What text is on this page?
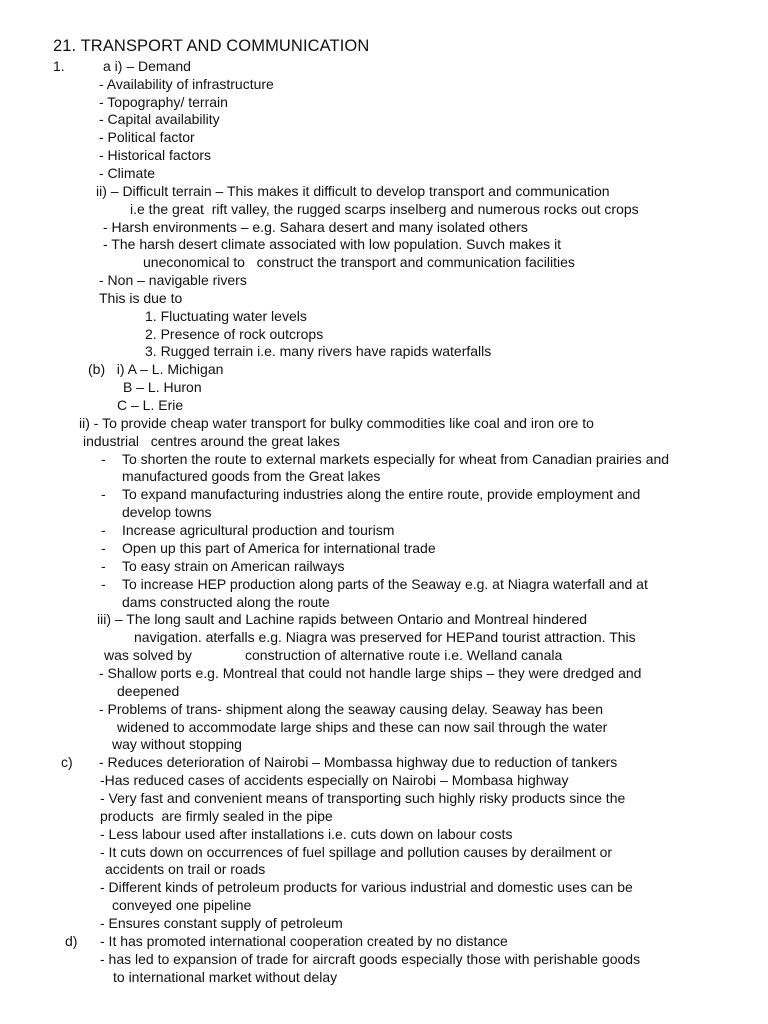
21. TRANSPORT AND COMMUNICATION
1.	a i) – Demand
- Availability of infrastructure
- Topography/ terrain
- Capital availability
- Political factor
- Historical factors
- Climate
ii) – Difficult terrain – This makes it difficult to develop transport and communication
i.e the great  rift valley, the rugged scarps inselberg and numerous rocks out crops
- Harsh environments – e.g. Sahara desert and many isolated others
- The harsh desert climate associated with low population. Suvch makes it
uneconomical to   construct the transport and communication facilities
- Non – navigable rivers
This is due to
1. Fluctuating water levels
2. Presence of rock outcrops
3. Rugged terrain i.e. many rivers have rapids waterfalls
(b)   i) A – L. Michigan
B – L. Huron
C – L. Erie
ii) - To provide cheap water transport for bulky commodities like coal and iron ore to
industrial   centres around the great lakes
- To shorten the route to external markets especially for wheat from Canadian prairies and
manufactured goods from the Great lakes
- To expand manufacturing industries along the entire route, provide employment and
develop towns
- Increase agricultural production and tourism
- Open up this part of America for international trade
- To easy strain on American railways
- To increase HEP production along parts of the Seaway e.g. at Niagra waterfall and at
dams constructed along the route
iii) – The long sault and Lachine rapids between Ontario and Montreal hindered
navigation. aterfalls e.g. Niagra was preserved for HEPand tourist attraction. This
was solved by	construction of alternative route i.e. Welland canala
- Shallow ports e.g. Montreal that could not handle large ships – they were dredged and
deepened
- Problems of trans- shipment along the seaway causing delay. Seaway has been
widened to accommodate large ships and these can now sail through the water
way without stopping
c) - Reduces deterioration of Nairobi – Mombassa highway due to reduction of tankers
-Has reduced cases of accidents especially on Nairobi – Mombasa highway
- Very fast and convenient means of transporting such highly risky products since the
products  are firmly sealed in the pipe
- Less labour used after installations i.e. cuts down on labour costs
- It cuts down on occurrences of fuel spillage and pollution causes by derailment or
accidents on trail or roads
- Different kinds of petroleum products for various industrial and domestic uses can be
conveyed one pipeline
- Ensures constant supply of petroleum
d) - It has promoted international cooperation created by no distance
- has led to expansion of trade for aircraft goods especially those with perishable goods
to international market without delay
